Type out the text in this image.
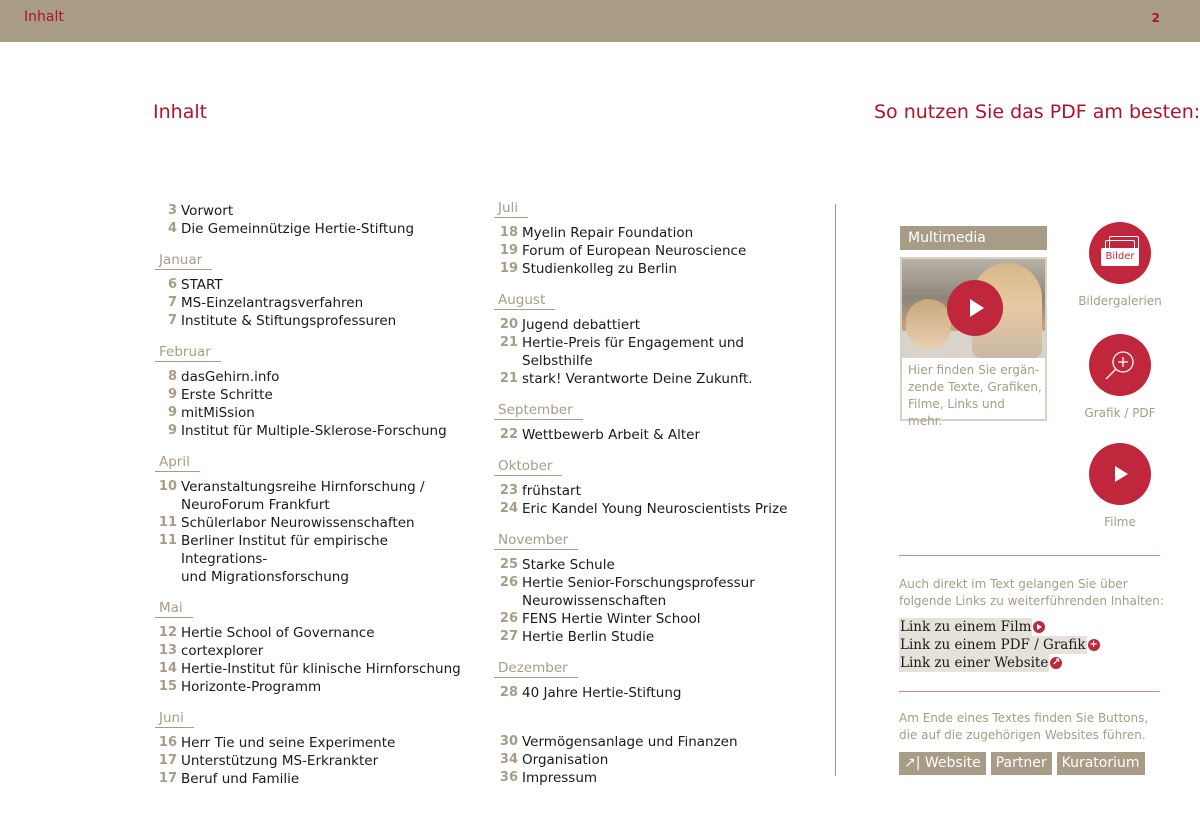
Inhalt	2
Inhalt	So nutzen Sie das PDF am besten:
3 Vorwort
4 Die Gemeinnützige Hertie-Stiftung
Januar
6 START
7 MS-Einzelantragsverfahren
7 Institute & Stiftungsprofessuren
Februar
8 dasGehirn.info
9 Erste Schritte
9 mitMiSsion
9 Institut für Multiple-Sklerose-Forschung
April
10 Veranstaltungsreihe Hirnforschung /
NeuroForum Frankfurt
11 Schülerlabor Neurowissenschaften
11 Berliner Institut für empirische Integrations-
und Migrationsforschung
Mai
12 Hertie School of Governance
13 cortexplorer
14 Hertie-Institut für klinische Hirnforschung
15 Horizonte-Programm
Juni
16 Herr Tie und seine Experimente
17 Unterstützung MS-Erkrankter
17 Beruf und Familie
Juli
18 Myelin Repair Foundation
19 Forum of European Neuroscience
19 Studienkolleg zu Berlin
August
20 Jugend debattiert
21 Hertie-Preis für Engagement und Selbsthilfe
21 stark! Verantworte Deine Zukunft.
September
22 Wettbewerb Arbeit & Alter
Oktober
23 frühstart
24 Eric Kandel Young Neuroscientists Prize
November
25 Starke Schule
26 Hertie Senior-Forschungsprofessur
Neurowissenschaften
26 FENS Hertie Winter School
27 Hertie Berlin Studie
Dezember
28 40 Jahre Hertie-Stiftung
30 Vermögensanlage und Finanzen
34 Organisation
36 Impressum
Multimedia
Hier finden Sie ergän-zende Texte, Grafiken, Filme, Links und mehr.
Bilder
Bildergalerien
Grafik / PDF
Filme
Auch direkt im Text gelangen Sie über folgende Links zu weiterführenden Inhalten:
Link zu einem Film
Link zu einem PDF / Grafik +
Link zu einer Website ↗
Am Ende eines Textes finden Sie Buttons, die auf die zugehörigen Websites führen.
↗| Website	Partner	Kuratorium
